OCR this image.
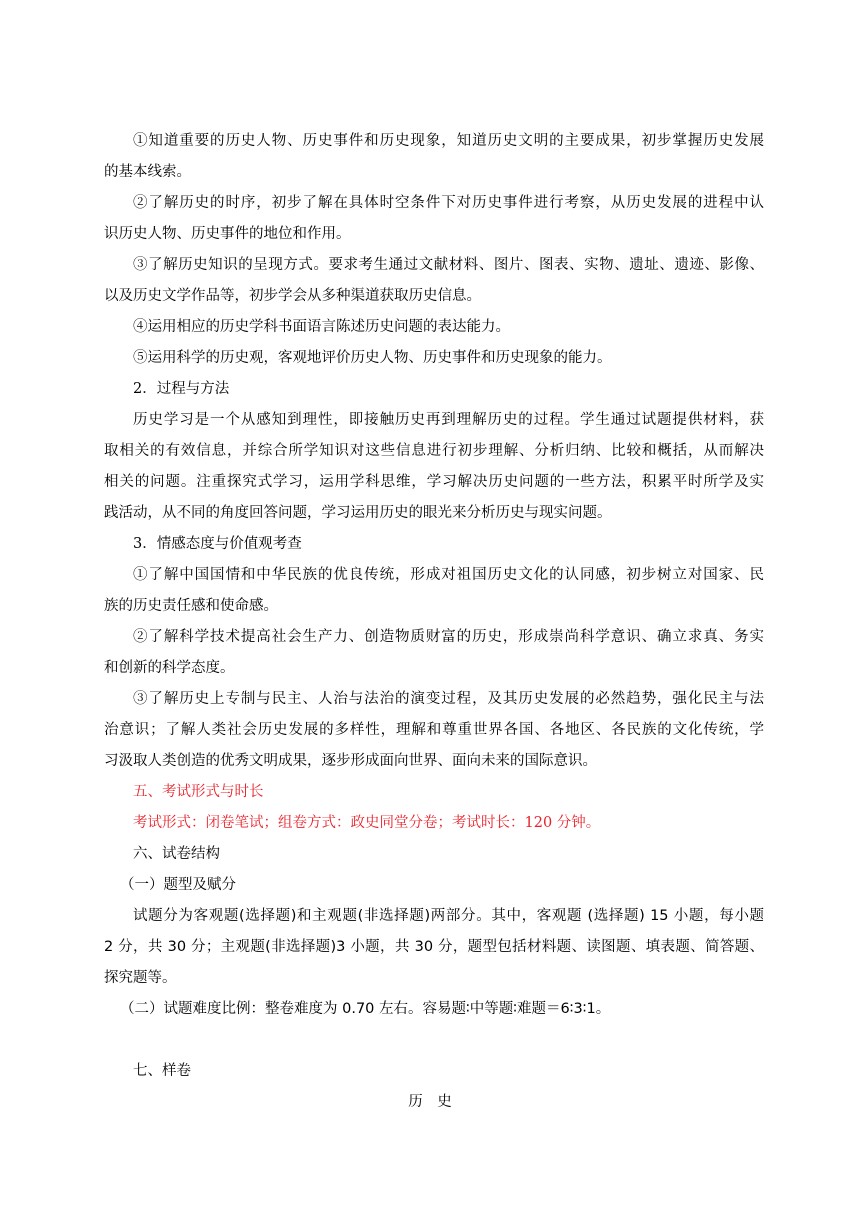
①知道重要的历史人物、历史事件和历史现象，知道历史文明的主要成果，初步掌握历史发展
的基本线索。
②了解历史的时序，初步了解在具体时空条件下对历史事件进行考察，从历史发展的进程中认
识历史人物、历史事件的地位和作用。
③了解历史知识的呈现方式。要求考生通过文献材料、图片、图表、实物、遗址、遗迹、影像、
以及历史文学作品等，初步学会从多种渠道获取历史信息。
④运用相应的历史学科书面语言陈述历史问题的表达能力。
⑤运用科学的历史观，客观地评价历史人物、历史事件和历史现象的能力。
2．过程与方法
历史学习是一个从感知到理性，即接触历史再到理解历史的过程。学生通过试题提供材料，获
取相关的有效信息，并综合所学知识对这些信息进行初步理解、分析归纳、比较和概括，从而解决
相关的问题。注重探究式学习，运用学科思维，学习解决历史问题的一些方法，积累平时所学及实
践活动，从不同的角度回答问题，学习运用历史的眼光来分析历史与现实问题。
3．情感态度与价值观考查
①了解中国国情和中华民族的优良传统，形成对祖国历史文化的认同感，初步树立对国家、民
族的历史责任感和使命感。
②了解科学技术提高社会生产力、创造物质财富的历史，形成崇尚科学意识、确立求真、务实
和创新的科学态度。
③了解历史上专制与民主、人治与法治的演变过程，及其历史发展的必然趋势，强化民主与法
治意识；了解人类社会历史发展的多样性，理解和尊重世界各国、各地区、各民族的文化传统，学
习汲取人类创造的优秀文明成果，逐步形成面向世界、面向未来的国际意识。
五、考试形式与时长
考试形式：闭卷笔试；组卷方式：政史同堂分卷；考试时长：120 分钟。
六、试卷结构
（一）题型及赋分
试题分为客观题(选择题)和主观题(非选择题)两部分。其中，客观题 (选择题) 15 小题，每小题
2 分，共 30 分；主观题(非选择题)3 小题，共 30 分，题型包括材料题、读图题、填表题、简答题、
探究题等。
（二）试题难度比例：整卷难度为 0.70 左右。容易题∶中等题∶难题＝6∶3∶1。
七、样卷
历　史
